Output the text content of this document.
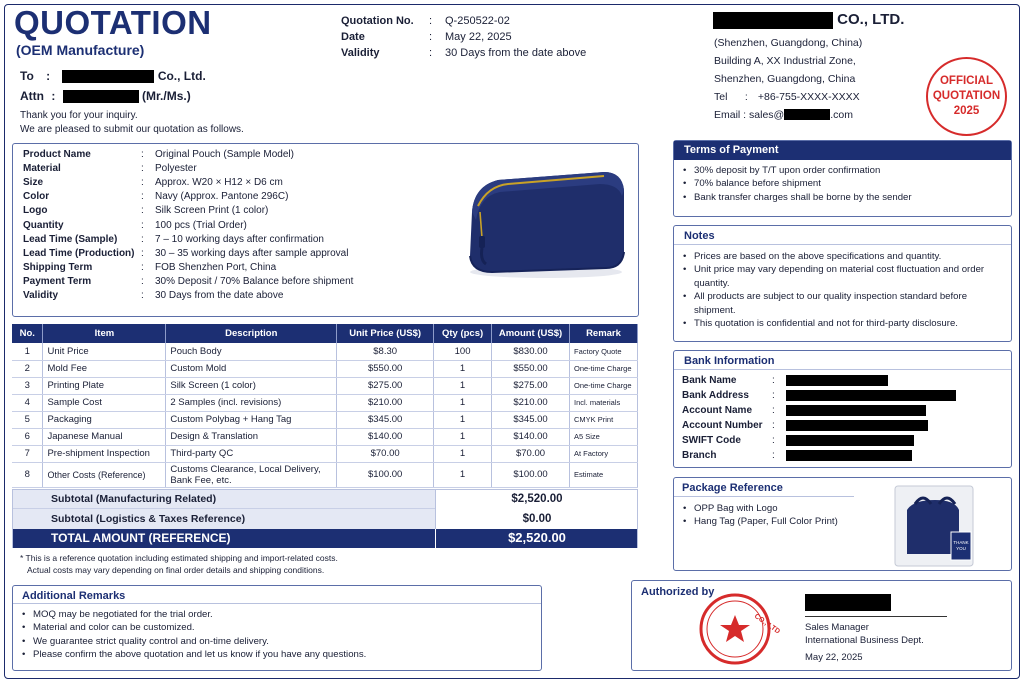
QUOTATION
(OEM Manufacture)
To :	Co., Ltd.
Attn :	(Mr./Ms.)
Thank you for your inquiry.
We are pleased to submit our quotation as follows.
Quotation No.	:	Q-250522-02
Date	:	May 22, 2025
Validity	:	30 Days from the date above
CO., LTD.
(Shenzhen, Guangdong, China)
Building A, XX Industrial Zone,
Shenzhen, Guangdong, China
Tel : +86-755-XXXX-XXXX
Email : sales@	.com
OFFICIAL
QUOTATION
2025
Product Name	:	Original Pouch (Sample Model)
Material	:	Polyester
Size	:	Approx. W20 × H12 × D6 cm
Color	:	Navy (Approx. Pantone 296C)
Logo	:	Silk Screen Print (1 color)
Quantity	:	100 pcs (Trial Order)
Lead Time (Sample)	:	7 – 10 working days after confirmation
Lead Time (Production)	:	30 – 35 working days after sample approval
Shipping Term	:	FOB Shenzhen Port, China
Payment Term	:	30% Deposit / 70% Balance before shipment
Validity	:	30 Days from the date above
No.	Item	Description	Unit Price (US$)	Qty (pcs)	Amount (US$)	Remark
1	Unit Price	Pouch Body	$8.30	100	$830.00	Factory Quote
2	Mold Fee	Custom Mold	$550.00	1	$550.00	One-time Charge
3	Printing Plate	Silk Screen (1 color)	$275.00	1	$275.00	One-time Charge
4	Sample Cost	2 Samples (incl. revisions)	$210.00	1	$210.00	Incl. materials
5	Packaging	Custom Polybag + Hang Tag	$345.00	1	$345.00	CMYK Print
6	Japanese Manual	Design & Translation	$140.00	1	$140.00	A5 Size
7	Pre-shipment Inspection	Third-party QC	$70.00	1	$70.00	At Factory
8	Other Costs (Reference)	Customs Clearance, Local Delivery, Bank Fee, etc.	$100.00	1	$100.00	Estimate
Subtotal (Manufacturing Related)	$2,520.00
Subtotal (Logistics & Taxes Reference)	$0.00
TOTAL AMOUNT (REFERENCE)	$2,520.00
* This is a reference quotation including estimated shipping and import-related costs.
Actual costs may vary depending on final order details and shipping conditions.
Additional Remarks
• MOQ may be negotiated for the trial order.
• Material and color can be customized.
• We guarantee strict quality control and on-time delivery.
• Please confirm the above quotation and let us know if you have any questions.
Terms of Payment
• 30% deposit by T/T upon order confirmation
• 70% balance before shipment
• Bank transfer charges shall be borne by the sender
Notes
• Prices are based on the above specifications and quantity.
• Unit price may vary depending on material cost fluctuation and order quantity.
• All products are subject to our quality inspection standard before shipment.
• This quotation is confidential and not for third-party disclosure.
Bank Information
Bank Name	:	
Bank Address	:	
Account Name	:	
Account Number	:	
SWIFT Code	:	
Branch	:	
Package Reference
• OPP Bag with Logo
• Hang Tag (Paper, Full Color Print)
THANK
YOU
Authorized by
CO., LTD	Sales Manager
International Business Dept.
May 22, 2025
